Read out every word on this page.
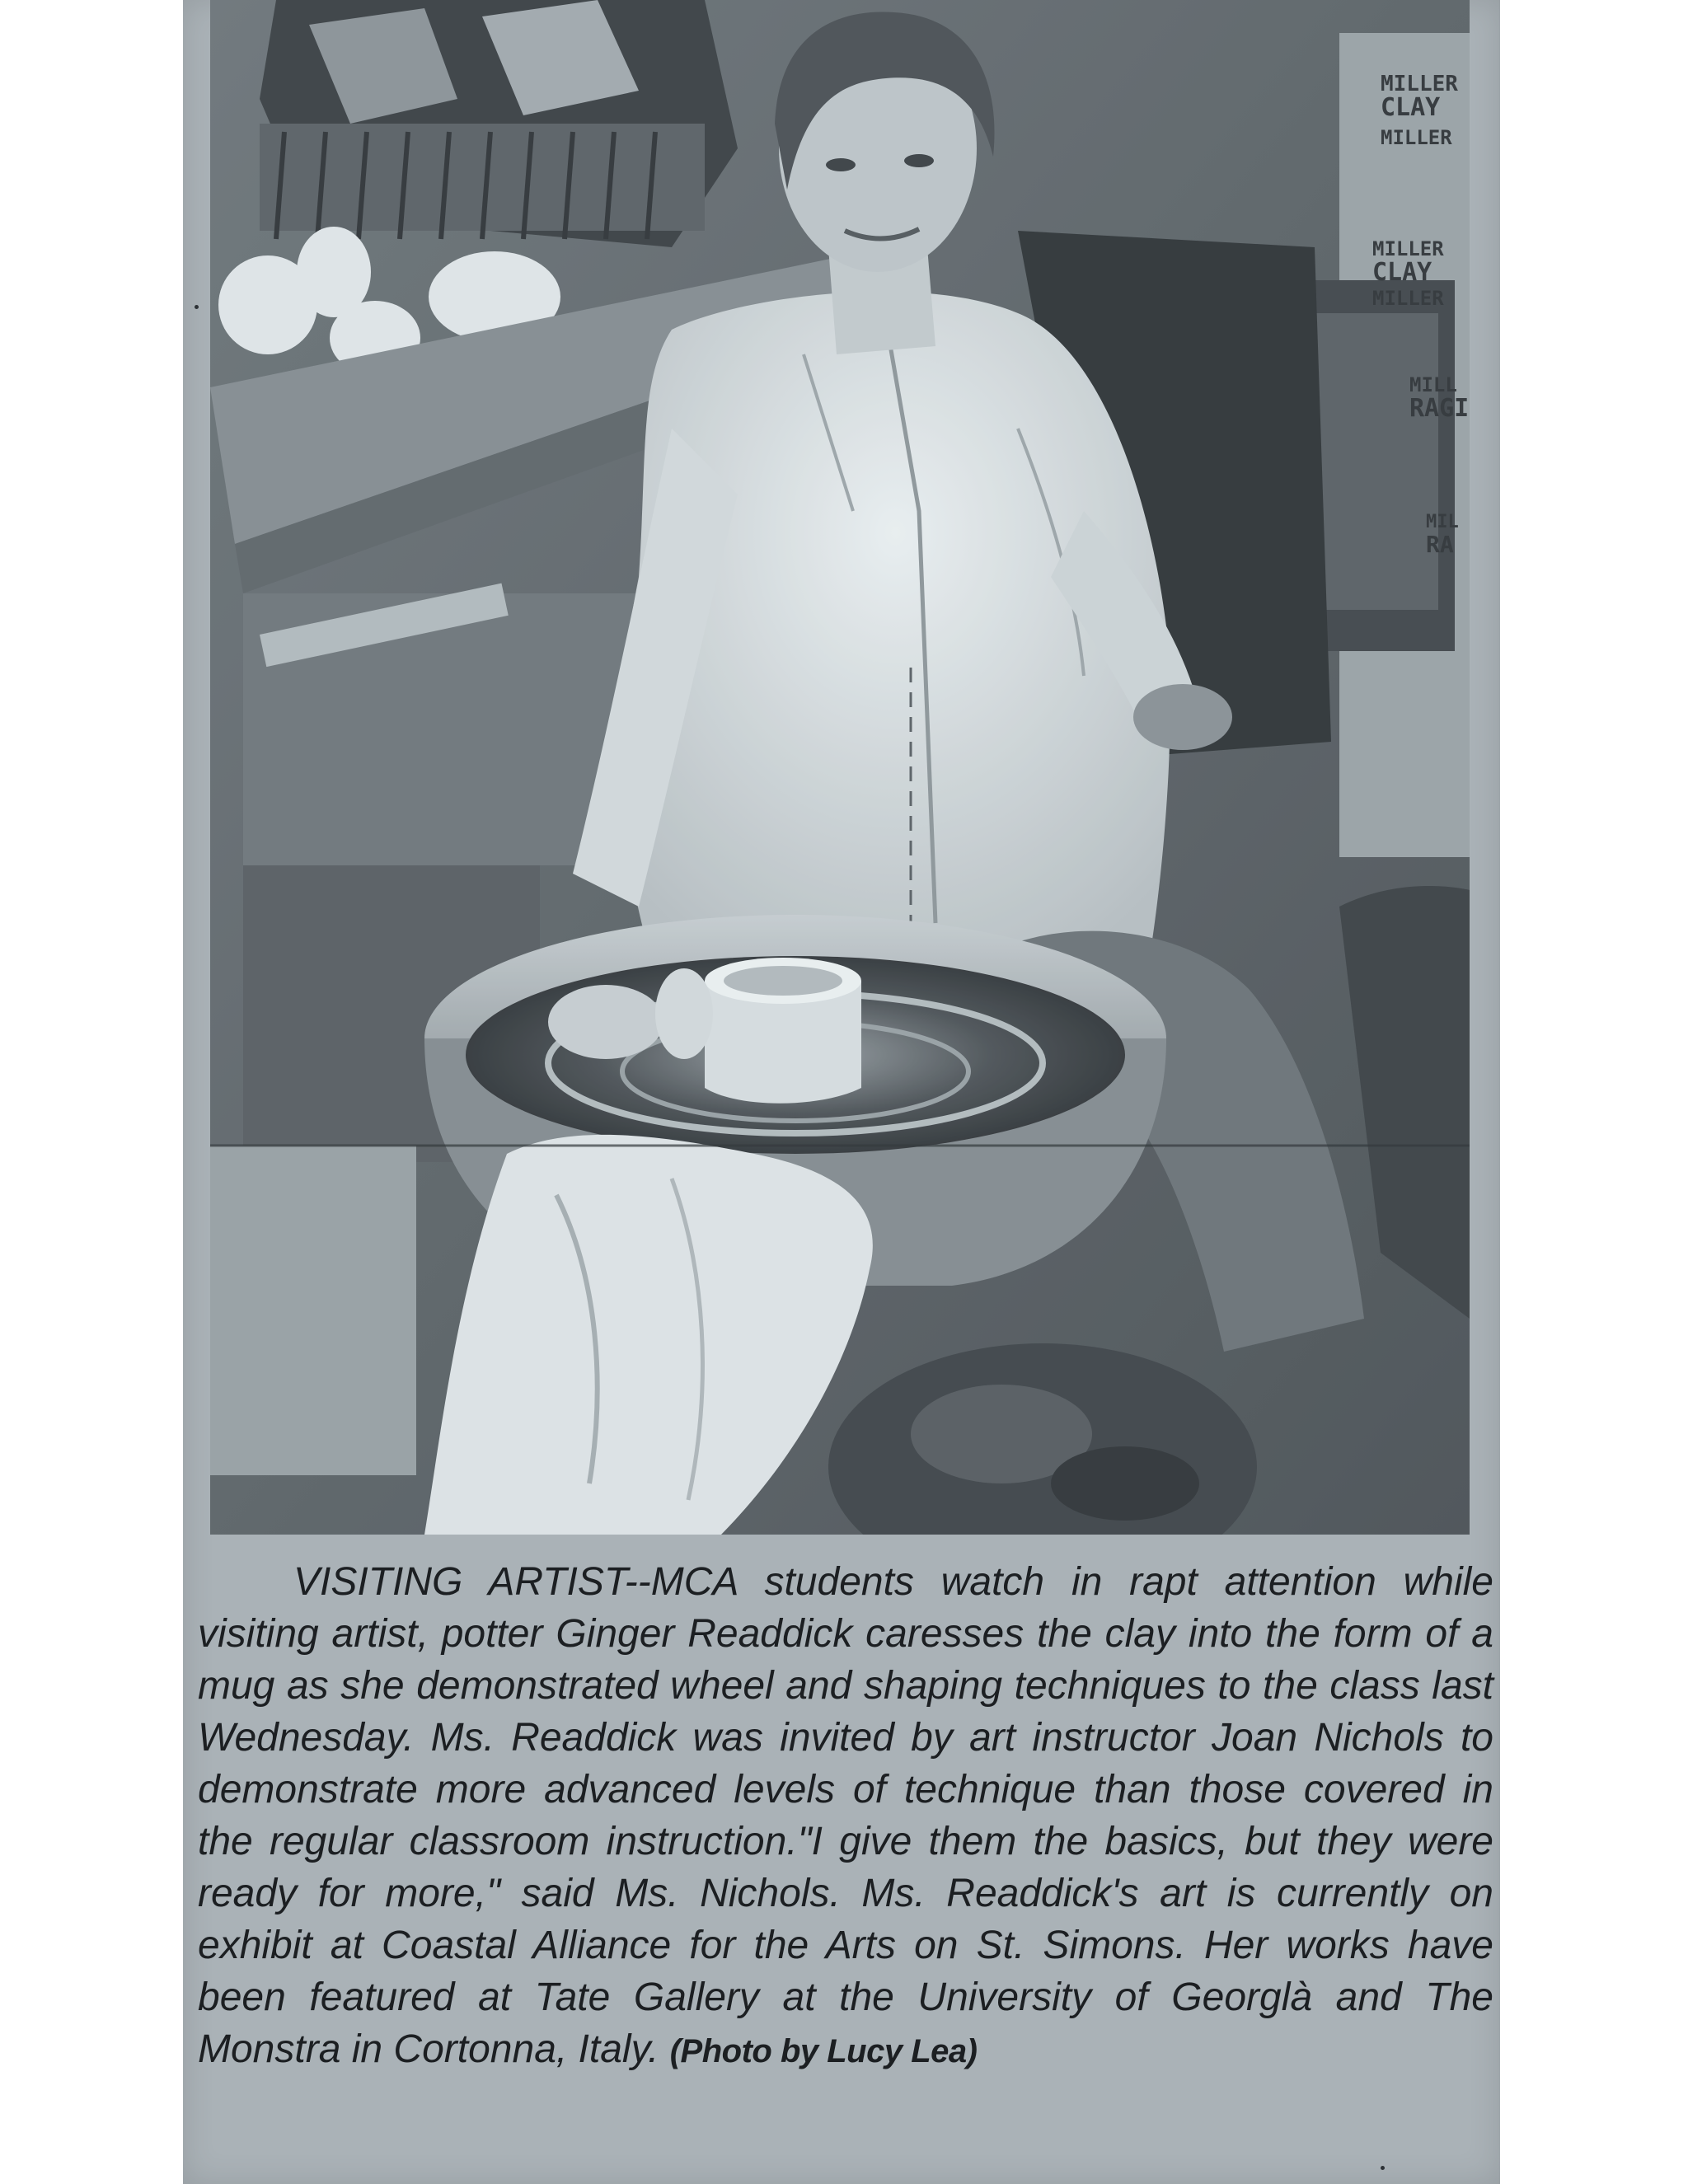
MILLER
CLAY
MILLER
MILLER
CLAY
MILLER
MILL
RAGI
MIL
RA
VISITING ARTIST--MCA students watch in rapt attention while visiting artist, potter Ginger Readdick caresses the clay into the form of a mug as she demonstrated wheel and shaping techniques to the class last Wednesday. Ms. Readdick was invited by art instructor Joan Nichols to demonstrate more advanced levels of technique than those covered in the regular classroom instruction."I give them the basics, but they were ready for more," said Ms. Nichols. Ms. Readdick's art is currently on exhibit at Coastal Alliance for the Arts on St. Simons. Her works have been featured at Tate Gallery at the University of Georglà and The Monstra in Cortonna, Italy. (Photo by Lucy Lea)
